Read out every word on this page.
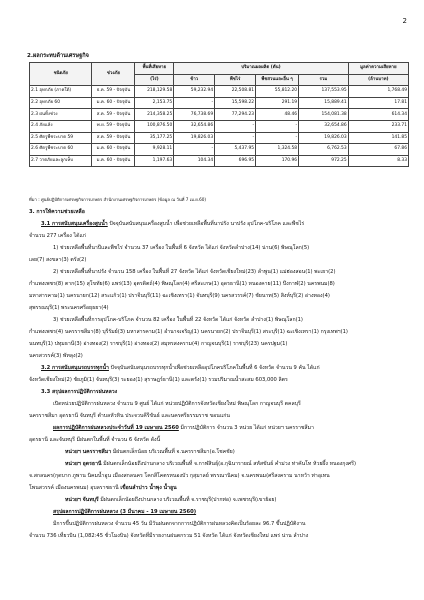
2
2.ผลกระทบด้านเศรษฐกิจ
ชนิดภัย	ช่วงภัย	พื้นที่เสียหาย	ปริมาณผลผลิต (ตัน)				มูลค่าความเสียหาย
		(ไร่)	ข้าว	พืชไร่	พืชสวนและอื่น ๆ	รวม	(ล้านบาท)
2.1 อุทกภัย (ภาคใต้)	ธ.ค. 59 - ปัจจุบัน	218,129.58	59,232.94	22,508.81	55,812.20	137,553.95	1,768.49
2.2 อุทกภัย 60	ม.ค. 60 - ปัจจุบัน	2,153.75	-	15,598.22	291.19	15,889.41	17.81
2.3 ฝนทิ้งช่วง	ส.ค. 59 - ปัจจุบัน	214,358.25	76,738.69	77,294.23	48.46	154,081.38	614.34
2.4 ภัยแล้ง	พ.ย. 59 - ปัจจุบัน	100,876.50	32,654.86	-	-	32,654.86	233.71
2.5 ศัตรูพืชระบาด 59	ส.ค. 59 - ปัจจุบัน	35,177.25	19,826.03	-	-	19,826.03	141.85
2.6 ศัตรูพืชระบาด 60	ม.ค. 60 - ปัจจุบัน	9,928.11	-	5,437.95	1,324.58	6,762.53	67.86
2.7 วาตภัยและลูกเห็บ	ม.ค. 60 - ปัจจุบัน	1,197.63	104.34	696.95	170.96	972.25	8.33
ที่มา : ศูนย์ปฏิบัติการเศรษฐกิจการเกษตร สำนักงานเศรษฐกิจการเกษตร (ข้อมูล ณ วันที่ 7 เม.ย.60)

3. การให้ความช่วยเหลือ

3.1 การสนับสนุนเครื่องสูบน้ำ ปัจจุบันสนับสนุนเครื่องสูบน้ำ เพื่อช่วยเหลือพื้นที่นาปรัง นาปรัง อุปโภค-บริโภค และพืชไร่

จำนวน 277 เครื่อง ได้แก่

1) ช่วยเหลือพื้นที่นาปีและพืชไร่ จำนวน 37 เครื่อง ในพื้นที่ 6 จังหวัด ได้แก่ จังหวัดลำปาง(14) น่าน(6) พิษณุโลก(5)

เลย(7) สงขลา(3) ตรัง(2)

2) ช่วยเหลือพื้นที่นาปรัง จำนวน 158 เครื่อง ในพื้นที่ 27 จังหวัด ได้แก่ จังหวัดเชียงใหม่(23) ลำพูน(1) แม่ฮ่องสอน(1) พะเยา(2)

กำแพงเพชร(8) ตาก(15) สุโขทัย(6) แพร่(13) อุตรดิตถ์(4) พิษณุโลก(4) ศรีสะเกษ(1) อุดรธานี(1) หนองคาย(11) บึงกาฬ(2) นครพนม(8)

มหาสารคาม(1) นครนายก(12) สระแก้ว(1) ปราจีนบุรี(11) ฉะเชิงเทรา(1) จันทบุรี(9) นครสวรรค์(7) ชัยนาท(5) สิงห์บุรี(2) อ่างทอง(4)

สุพรรณบุรี(1) พระนครศรีอยุธยา(4)

3) ช่วยเหลือพื้นที่การอุปโภค-บริโภค จำนวน 82 เครื่อง ในพื้นที่ 22 จังหวัด ได้แก่ จังหวัด ลำปาง(1) พิษณุโลก(1)

กำแพงเพชร(4) นครราชสีมา(8) บุรีรัมย์(3) มหาสารคาม(1) อำนาจเจริญ(1) นครนายก(2) ปราจีนบุรี(1) สระบุรี(1) ฉะเชิงเทรา(1) กรุงเทพฯ(1)

นนทบุรี(1) ปทุมธานี(3) อ่างทอง(2) ราชบุรี(1) อ่างทอง(2) สมุทรสงคราม(4) กาญจนบุรี(1) ราชบุรี(23) นครปฐม(1)

นครสวรรค์(3) พัทลุง(2)

3.2 การสนับสนุนรถบรรทุกน้ำ ปัจจุบันสนับสนุนรถบรรทุกน้ำเพื่อช่วยเหลืออุปโภคบริโภคในพื้นที่ 6 จังหวัด จำนวน 9 คัน ได้แก่

จังหวัดเชียงใหม่(2) ชัยภูมิ(1) จันทบุรี(3) ระยอง(1) สุราษฎร์ธานี(1) และตรัง(1) รวมปริมาณน้ำสะสม 603,000 ลิตร

3.3 สรุปผลการปฏิบัติการฝนหลวง

เปิดหน่วยปฏิบัติการฝนหลวง จำนวน 9 ศูนย์ ได้แก่ หน่วยปฏิบัติการจังหวัดเชียงใหม่ พิษณุโลก กาญจนบุรี ตคลบุรี

นครราชสีมา อุดรธานี จันทบุรี ตำบลหัวหิน ประจวบคีรีขันธ์ และนครศรีธรรมราช ขอนแก่น

ผลการปฏิบัติการฝนหลวงประจำวันที่ 19 เมษายน 2560 มีการปฏิบัติการ จำนวน 3 หน่วย ได้แก่ หน่วยฯ นครราชสีมา

อุดรธานี และจันทบุรี มีฝนตกในพื้นที่ จำนวน 6 จังหวัด ดังนี้

หน่วยฯ นครราชสีมา มีฝนตกเล็กน้อย บริเวณพื้นที่ จ.นครราชสีมา(อ.โชคชัย)

หน่วยฯ อุดรธานี มีฝนตกเล็กน้อยถึงปานกลาง บริเวณพื้นที่ จ.กาฬสินธุ์(อ.กุฉินารายณ์ สหัสขันธ์ คำม่วง ท่าคันโท ห้วยผึ้ง หนองกุงศรี)

จ.สกลนคร(กุดบาก ภูพาน นิคมน้ำอูน เมืองสกลนคร โคกสีโคตรหนองบัว กุสุมาลย์ พรรณานิคม) จ.นครพนม(ศรีสงคราม นาหว้า ท่าอุเทน

โพนสวรรค์ เมืองนครพนม) อุบลราชธานี เขื่อนลำปาว น้ำพุง น้ำอูน

หน่วยฯ จันทบุรี มีฝนตกเล็กน้อยถึงปานกลาง บริเวณพื้นที่ จ.ราชบุรี(ปากท่อ) จ.เพชรบุรี(เขาย้อย)

สรุปผลการปฏิบัติการฝนหลวง (3 มีนาคม - 19 เมษายน 2560)

มีการขึ้นปฏิบัติการฝนหลวง จำนวน 45 วัน มีวันฝนตกจากการปฏิบัติการฝนหลวงคิดเป็นร้อยละ 96.7 ขึ้นปฏิบัติงาน

จำนวน 736 เที่ยวบิน (1,082:45 ชั่วโมงบิน) จังหวัดที่มีรายงานฝนตกรวม 51 จังหวัด ได้แก่ จังหวัดเชียงใหม่ แพร่ น่าน ลำปาง
